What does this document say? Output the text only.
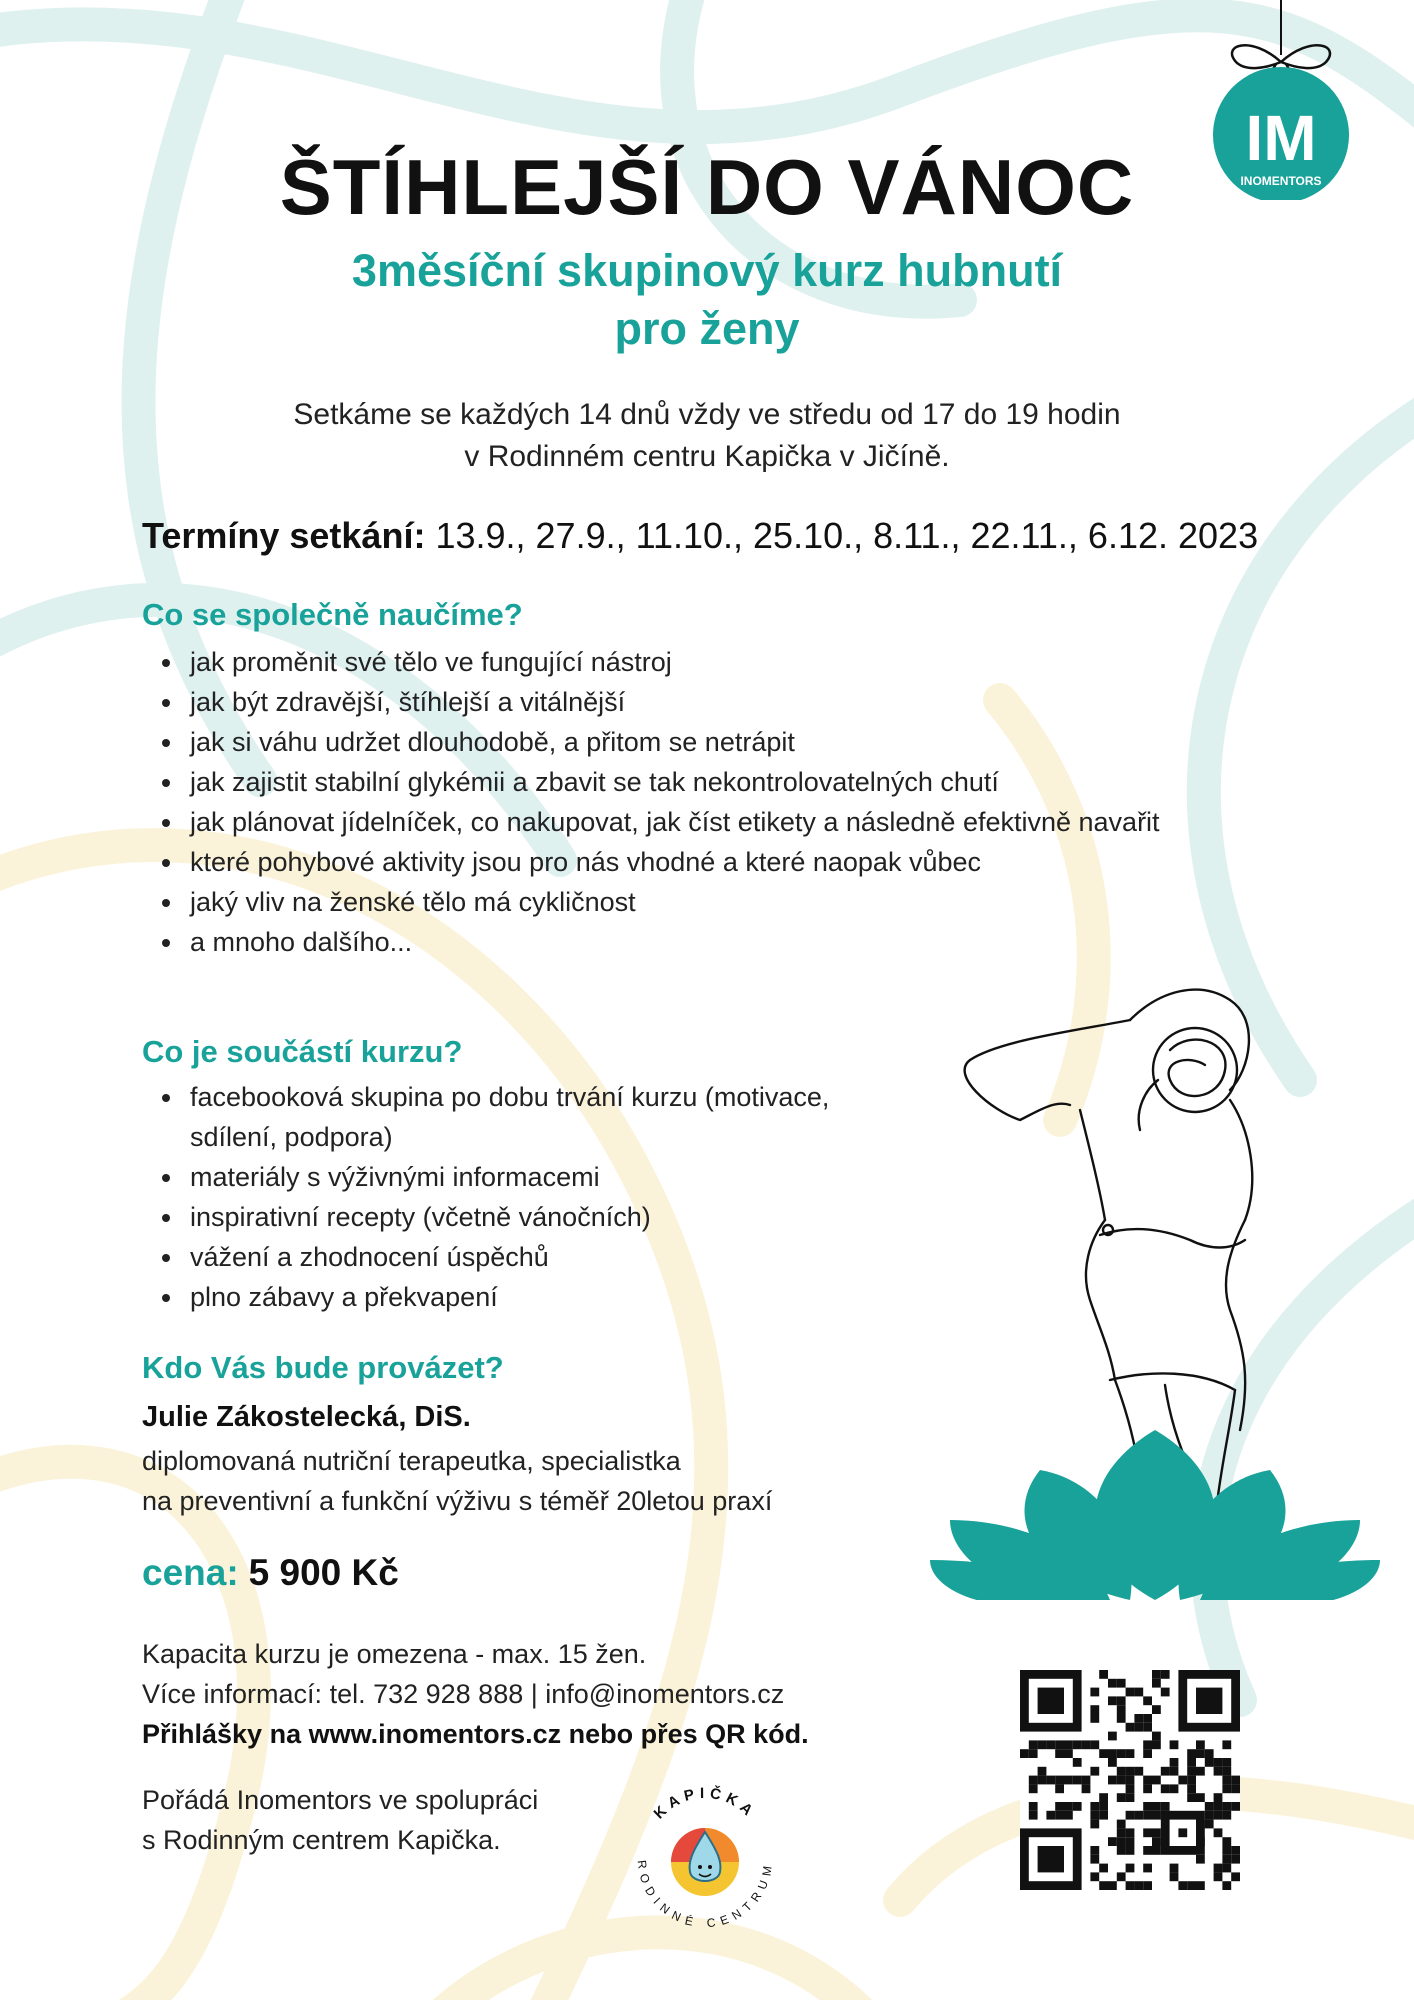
IM
INOMENTORS
ŠTÍHLEJŠÍ DO VÁNOC
3měsíční skupinový kurz hubnutí
pro ženy
Setkáme se každých 14 dnů vždy ve středu od 17 do 19 hodin
v Rodinném centru Kapička v Jičíně.

Termíny setkání: 13.9., 27.9., 11.10., 25.10., 8.11., 22.11., 6.12. 2023

Co se společně naučíme?
jak proměnit své tělo ve fungující nástroj
jak být zdravější, štíhlejší a vitálnější
jak si váhu udržet dlouhodobě, a přitom se netrápit
jak zajistit stabilní glykémii a zbavit se tak nekontrolovatelných chutí
jak plánovat jídelníček, co nakupovat, jak číst etikety a následně efektivně navařit
které pohybové aktivity jsou pro nás vhodné a které naopak vůbec
jaký vliv na ženské tělo má cykličnost
a mnoho dalšího...
Co je součástí kurzu?
facebooková skupina po dobu trvání kurzu (motivace, sdílení, podpora)
materiály s výživnými informacemi
inspirativní recepty (včetně vánočních)
vážení a zhodnocení úspěchů
plno zábavy a překvapení
Kdo Vás bude provázet?

Julie Zákostelecká, DiS.

diplomovaná nutriční terapeutka, specialistka
na preventivní a funkční výživu s téměř 20letou praxí

cena: 5 900 Kč

Kapacita kurzu je omezena - max. 15 žen.
Více informací: tel. 732 928 888 | info@inomentors.cz
Přihlášky na www.inomentors.cz nebo přes QR kód.
Pořádá Inomentors ve spolupráci
s Rodinným centrem Kapička.
KAPIČKA
RODINNÉ CENTRUM
